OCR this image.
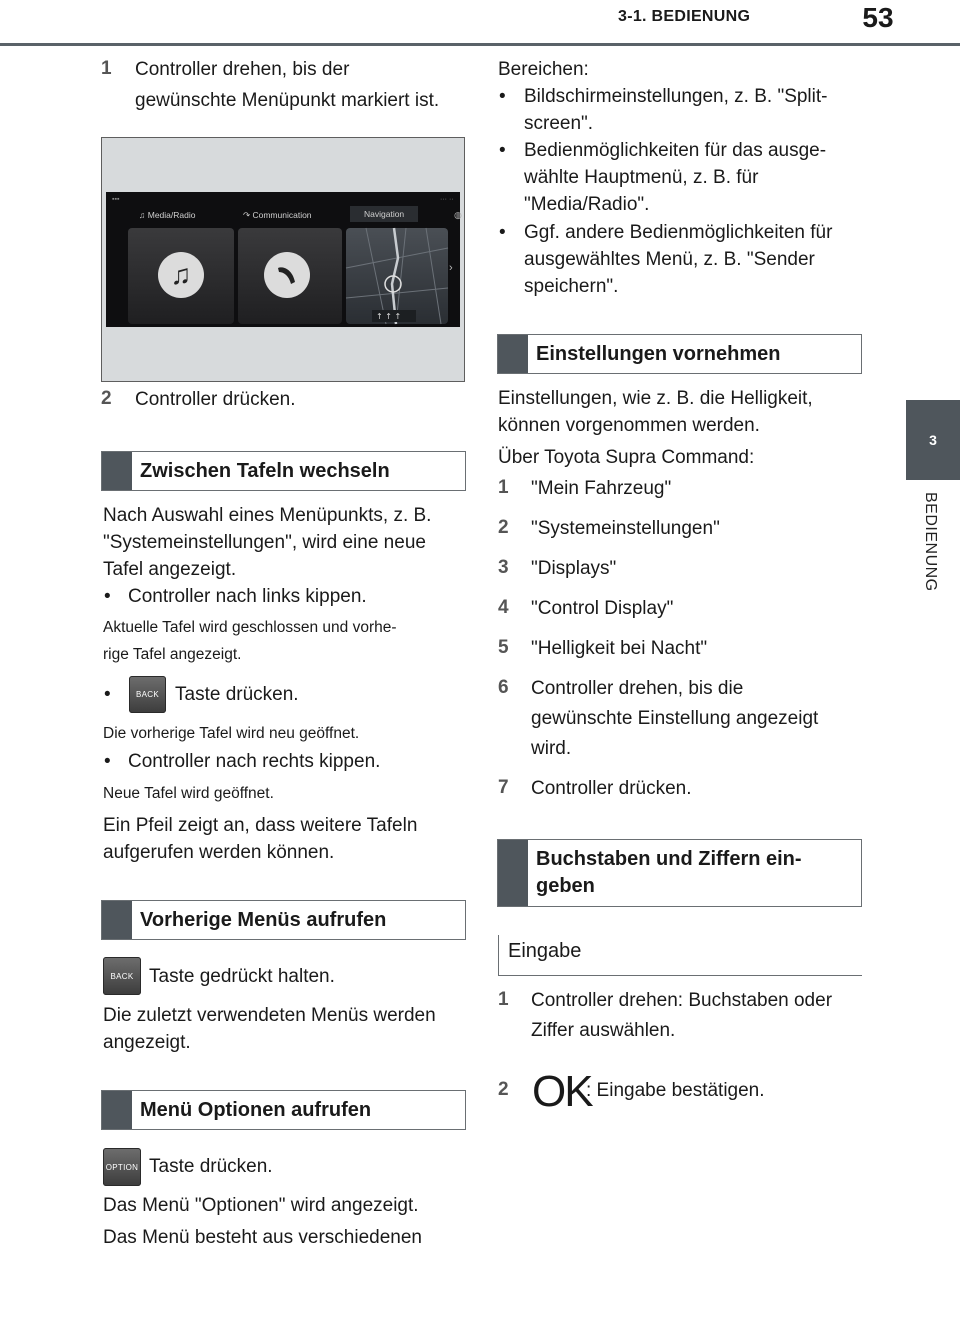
3-1. BEDIENUNG	53
3
BEDIENUNG
1 Controller drehen, bis der
gewünschte Menüpunkt markiert ist.
▪▪▪	··· ··
♫ Media/Radio	↷ Communication	Navigation	◍
♫
↑ ↑ ↑
›
2 Controller drücken.
Zwischen Tafeln wechseln
Nach Auswahl eines Menüpunkts, z. B.
"Systemeinstellungen", wird eine neue
Tafel angezeigt.
• Controller nach links kippen.
Aktuelle Tafel wird geschlossen und vorhe-
rige Tafel angezeigt.
•	BACK Taste drücken.
Die vorherige Tafel wird neu geöffnet.
• Controller nach rechts kippen.
Neue Tafel wird geöffnet.
Ein Pfeil zeigt an, dass weitere Tafeln
aufgerufen werden können.
Vorherige Menüs aufrufen
BACK Taste gedrückt halten.
Die zuletzt verwendeten Menüs werden
angezeigt.
Menü Optionen aufrufen
OPTION Taste drücken.
Das Menü "Optionen" wird angezeigt.
Das Menü besteht aus verschiedenen
Bereichen:
• Bildschirmeinstellungen, z. B. "Split-
screen".
• Bedienmöglichkeiten für das ausge-
wählte Hauptmenü, z. B. für
"Media/Radio".
• Ggf. andere Bedienmöglichkeiten für
ausgewähltes Menü, z. B. "Sender
speichern".
Einstellungen vornehmen
Einstellungen, wie z. B. die Helligkeit,
können vorgenommen werden.
Über Toyota Supra Command:
1 "Mein Fahrzeug"
2 "Systemeinstellungen"
3 "Displays"
4 "Control Display"
5 "Helligkeit bei Nacht"
6 Controller drehen, bis die
gewünschte Einstellung angezeigt
wird.
7 Controller drücken.
Buchstaben und Ziffern ein-
geben
Eingabe
1 Controller drehen: Buchstaben oder
Ziffer auswählen.
2 OK
: Eingabe bestätigen.
